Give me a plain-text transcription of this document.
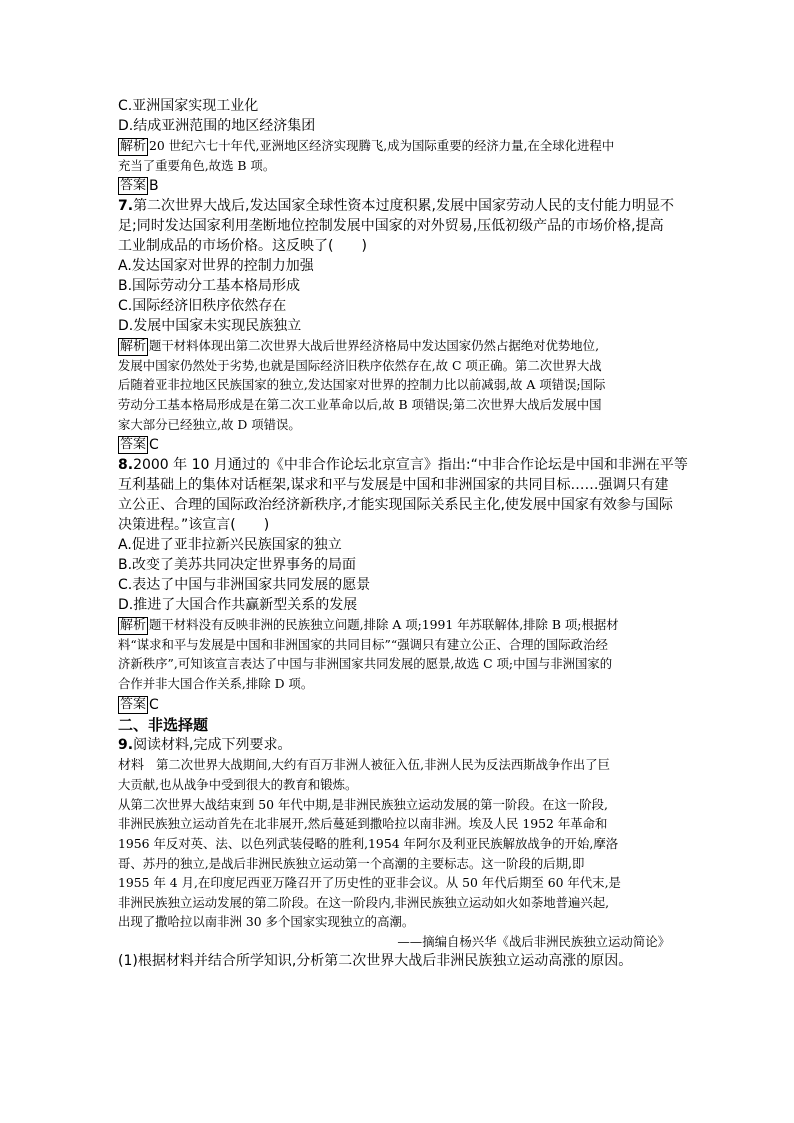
C.亚洲国家实现工业化

D.结成亚洲范围的地区经济集团

解析 20 世纪六七十年代,亚洲地区经济实现腾飞,成为国际重要的经济力量,在全球化进程中

充当了重要角色,故选 B 项。

答案 B

7.第二次世界大战后,发达国家全球性资本过度积累,发展中国家劳动人民的支付能力明显不

足;同时发达国家利用垄断地位控制发展中国家的对外贸易,压低初级产品的市场价格,提高

工业制成品的市场价格。这反映了(　　)

A.发达国家对世界的控制力加强

B.国际劳动分工基本格局形成

C.国际经济旧秩序依然存在

D.发展中国家未实现民族独立

解析 题干材料体现出第二次世界大战后世界经济格局中发达国家仍然占据绝对优势地位,

发展中国家仍然处于劣势,也就是国际经济旧秩序依然存在,故 C 项正确。第二次世界大战

后随着亚非拉地区民族国家的独立,发达国家对世界的控制力比以前减弱,故 A 项错误;国际

劳动分工基本格局形成是在第二次工业革命以后,故 B 项错误;第二次世界大战后发展中国

家大部分已经独立,故 D 项错误。

答案 C

8.2000 年 10 月通过的《中非合作论坛北京宣言》指出:“中非合作论坛是中国和非洲在平等

互利基础上的集体对话框架,谋求和平与发展是中国和非洲国家的共同目标……强调只有建

立公正、合理的国际政治经济新秩序,才能实现国际关系民主化,使发展中国家有效参与国际

决策进程。”该宣言(　　)

A.促进了亚非拉新兴民族国家的独立

B.改变了美苏共同决定世界事务的局面

C.表达了中国与非洲国家共同发展的愿景

D.推进了大国合作共赢新型关系的发展

解析 题干材料没有反映非洲的民族独立问题,排除 A 项;1991 年苏联解体,排除 B 项;根据材

料“谋求和平与发展是中国和非洲国家的共同目标”“强调只有建立公正、合理的国际政治经

济新秩序”,可知该宣言表达了中国与非洲国家共同发展的愿景,故选 C 项;中国与非洲国家的

合作并非大国合作关系,排除 D 项。

答案 C

二、非选择题

9.阅读材料,完成下列要求。

材料 第二次世界大战期间,大约有百万非洲人被征入伍,非洲人民为反法西斯战争作出了巨

大贡献,也从战争中受到很大的教育和锻炼。

从第二次世界大战结束到 50 年代中期,是非洲民族独立运动发展的第一阶段。在这一阶段,

非洲民族独立运动首先在北非展开,然后蔓延到撒哈拉以南非洲。埃及人民 1952 年革命和

1956 年反对英、法、以色列武装侵略的胜利,1954 年阿尔及利亚民族解放战争的开始,摩洛

哥、苏丹的独立,是战后非洲民族独立运动第一个高潮的主要标志。这一阶段的后期,即

1955 年 4 月,在印度尼西亚万隆召开了历史性的亚非会议。从 50 年代后期至 60 年代末,是

非洲民族独立运动发展的第二阶段。在这一阶段内,非洲民族独立运动如火如荼地普遍兴起,

出现了撒哈拉以南非洲 30 多个国家实现独立的高潮。

——摘编自杨兴华《战后非洲民族独立运动简论》

(1)根据材料并结合所学知识,分析第二次世界大战后非洲民族独立运动高涨的原因。
